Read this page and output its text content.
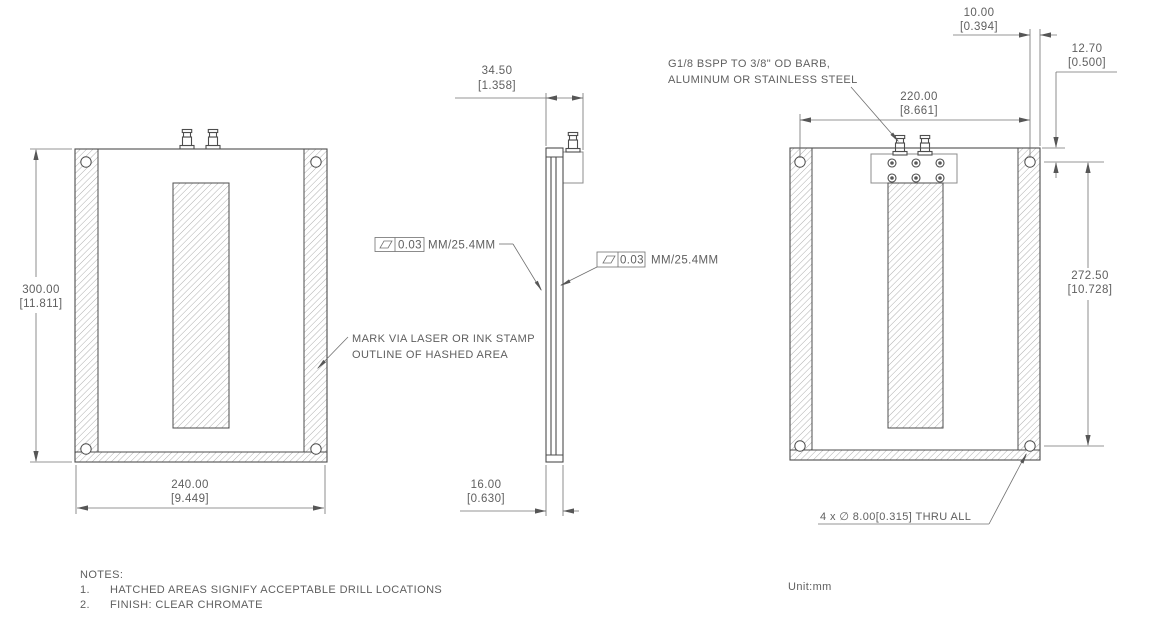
300.00
[11.811]
240.00
[9.449]
MARK VIA LASER OR INK STAMP
OUTLINE OF HASHED AREA
34.50
[1.358]
16.00
[0.630]
0.03 MM/25.4MM
0.03 MM/25.4MM
G1/8 BSPP TO 3/8" OD BARB,
ALUMINUM OR STAINLESS STEEL
220.00
[8.661]
10.00
[0.394]
12.70
[0.500]
272.50
[10.728]
4 x ∅ 8.00[0.315] THRU ALL
NOTES:
1. HATCHED AREAS SIGNIFY ACCEPTABLE DRILL LOCATIONS
2. FINISH: CLEAR CHROMATE
Unit:mm
